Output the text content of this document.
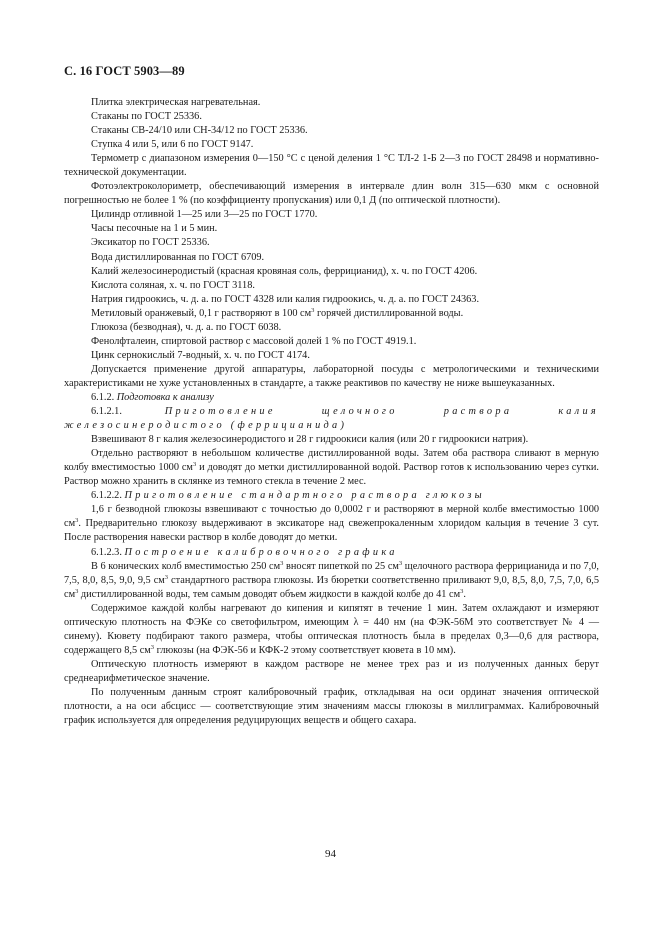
С. 16 ГОСТ 5903—89

Плитка электрическая нагревательная.

Стаканы по ГОСТ 25336.

Стаканы СВ-24/10 или СН-34/12 по ГОСТ 25336.

Ступка 4 или 5, или 6 по ГОСТ 9147.

Термометр с диапазоном измерения 0—150 °С с ценой деления 1 °С ТЛ-2 1-Б 2—3 по ГОСТ 28498 и нормативно-технической документации.

Фотоэлектроколориметр, обеспечивающий измерения в интервале длин волн 315—630 мкм с основной погрешностью не более 1 % (по коэффициенту пропускания) или 0,1 Д (по оптической плотности).

Цилиндр отливной 1—25 или 3—25 по ГОСТ 1770.

Часы песочные на 1 и 5 мин.

Эксикатор по ГОСТ 25336.

Вода дистиллированная по ГОСТ 6709.

Калий железосинеродистый (красная кровяная соль, феррицианид), х. ч. по ГОСТ 4206.

Кислота соляная, х. ч. по ГОСТ 3118.

Натрия гидроокись, ч. д. а. по ГОСТ 4328 или калия гидроокись, ч. д. а. по ГОСТ 24363.

Метиловый оранжевый, 0,1 г растворяют в 100 $см^3$ горячей дистиллированной воды.

Глюкоза (безводная), ч. д. а. по ГОСТ 6038.

Фенолфталеин, спиртовой раствор с массовой долей 1 % по ГОСТ 4919.1.

Цинк сернокислый 7-водный, х. ч. по ГОСТ 4174.

Допускается применение другой аппаратуры, лабораторной посуды с метрологическими и техническими характеристиками не хуже установленных в стандарте, а также реактивов по качеству не ниже вышеуказанных.

6.1.2. Подготовка к анализу

6.1.2.1. Приготовление щелочного раствора калия железосинеродистого (феррицианида)

Взвешивают 8 г калия железосинеродистого и 28 г гидроокиси калия (или 20 г гидроокиси натрия).

Отдельно растворяют в небольшом количестве дистиллированной воды. Затем оба раствора сливают в мерную колбу вместимостью 1000 $см^3$ и доводят до метки дистиллированной водой. Раствор готов к использованию через сутки. Раствор можно хранить в склянке из темного стекла в течение 2 мес.

6.1.2.2. Приготовление стандартного раствора глюкозы

1,6 г безводной глюкозы взвешивают с точностью до 0,0002 г и растворяют в мерной колбе вместимостью 1000 $см^3$. Предварительно глюкозу выдерживают в эксикаторе над свежепрокаленным хлоридом кальция в течение 3 сут. После растворения навески раствор в колбе доводят до метки.

6.1.2.3. Построение калибровочного графика

В 6 конических колб вместимостью 250 $см^3$ вносят пипеткой по 25 $см^3$ щелочного раствора феррицианида и по 7,0, 7,5, 8,0, 8,5, 9,0, 9,5 $см^3$ стандартного раствора глюкозы. Из бюретки соответственно приливают 9,0, 8,5, 8,0, 7,5, 7,0, 6,5 $см^3$ дистиллированной воды, тем самым доводят объем жидкости в каждой колбе до 41 $см^3$.

Содержимое каждой колбы нагревают до кипения и кипятят в течение 1 мин. Затем охлаждают и измеряют оптическую плотность на ФЭКе со светофильтром, имеющим λ = 440 нм (на ФЭК-56М это соответствует № 4 — синему). Кювету подбирают такого размера, чтобы оптическая плотность была в пределах 0,3—0,6 для раствора, содержащего 8,5 $см^3$ глюкозы (на ФЭК-56 и КФК-2 этому соответствует кювета в 10 мм).

Оптическую плотность измеряют в каждом растворе не менее трех раз и из полученных данных берут среднеарифметическое значение.

По полученным данным строят калибровочный график, откладывая на оси ординат значения оптической плотности, а на оси абсцисс — соответствующие этим значениям массы глюкозы в миллиграммах. Калибровочный график используется для определения редуцирующих веществ и общего сахара.

94
